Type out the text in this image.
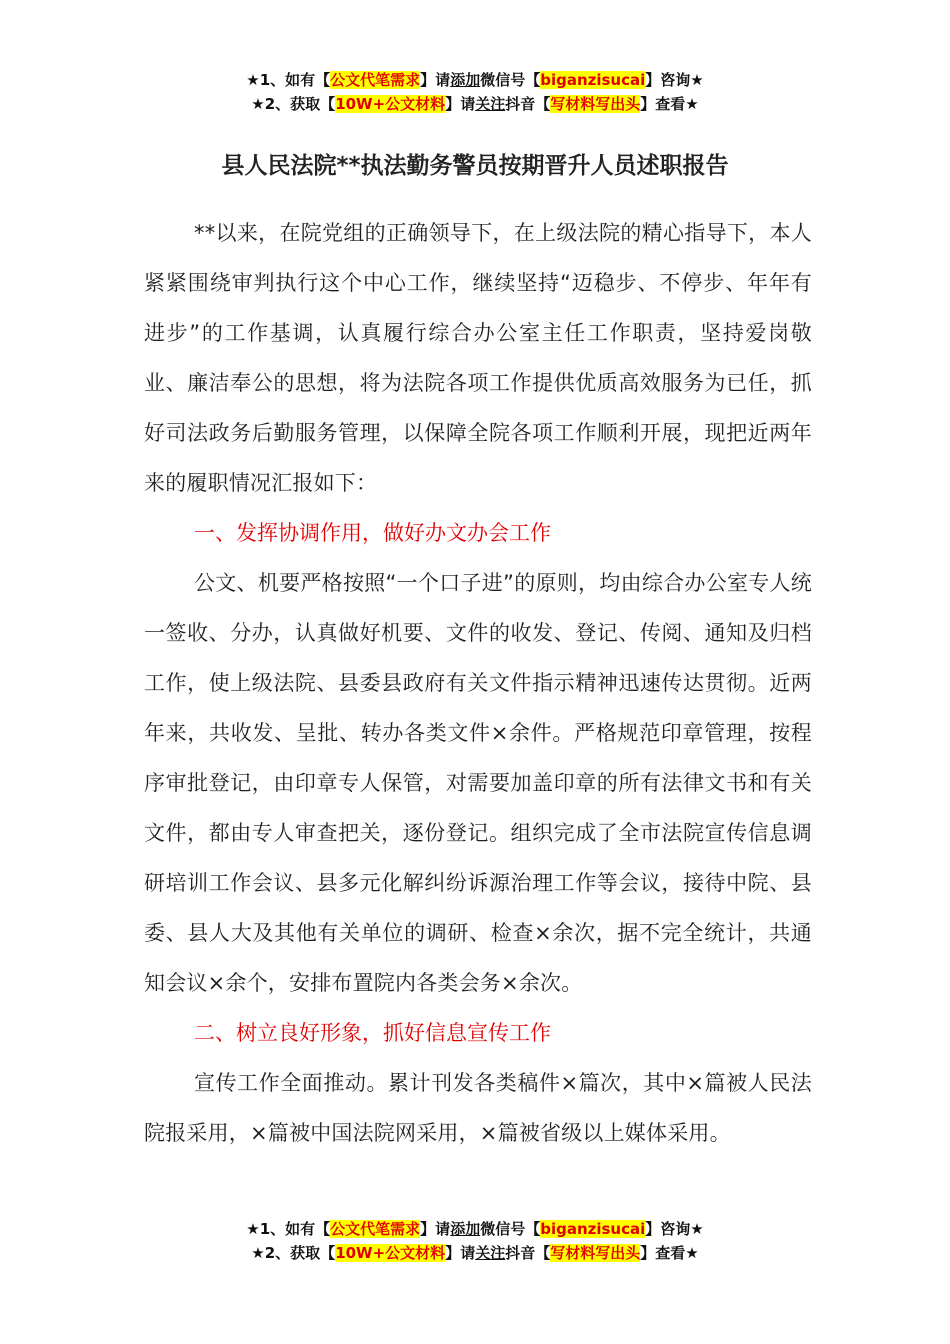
★1、如有【公文代笔需求】请添加微信号【biganzisucai】咨询★
★2、获取【10W+公文材料】请关注抖音【写材料写出头】查看★
县人民法院**执法勤务警员按期晋升人员述职报告

**以来，在院党组的正确领导下，在上级法院的精心指导下，本人紧紧围绕审判执行这个中心工作，继续坚持“迈稳步、不停步、年年有进步”的工作基调，认真履行综合办公室主任工作职责，坚持爱岗敬业、廉洁奉公的思想，将为法院各项工作提供优质高效服务为已任，抓好司法政务后勤服务管理，以保障全院各项工作顺利开展，现把近两年来的履职情况汇报如下：

一、发挥协调作用，做好办文办会工作

公文、机要严格按照“一个口子进”的原则，均由综合办公室专人统一签收、分办，认真做好机要、文件的收发、登记、传阅、通知及归档工作，使上级法院、县委县政府有关文件指示精神迅速传达贯彻。近两年来，共收发、呈批、转办各类文件×余件。严格规范印章管理，按程序审批登记，由印章专人保管，对需要加盖印章的所有法律文书和有关文件，都由专人审查把关，逐份登记。组织完成了全市法院宣传信息调研培训工作会议、县多元化解纠纷诉源治理工作等会议，接待中院、县委、县人大及其他有关单位的调研、检查×余次，据不完全统计，共通知会议×余个，安排布置院内各类会务×余次。

二、树立良好形象，抓好信息宣传工作

宣传工作全面推动。累计刊发各类稿件×篇次，其中×篇被人民法院报采用，×篇被中国法院网采用，×篇被省级以上媒体采用。

★1、如有【公文代笔需求】请添加微信号【biganzisucai】咨询★
★2、获取【10W+公文材料】请关注抖音【写材料写出头】查看★
